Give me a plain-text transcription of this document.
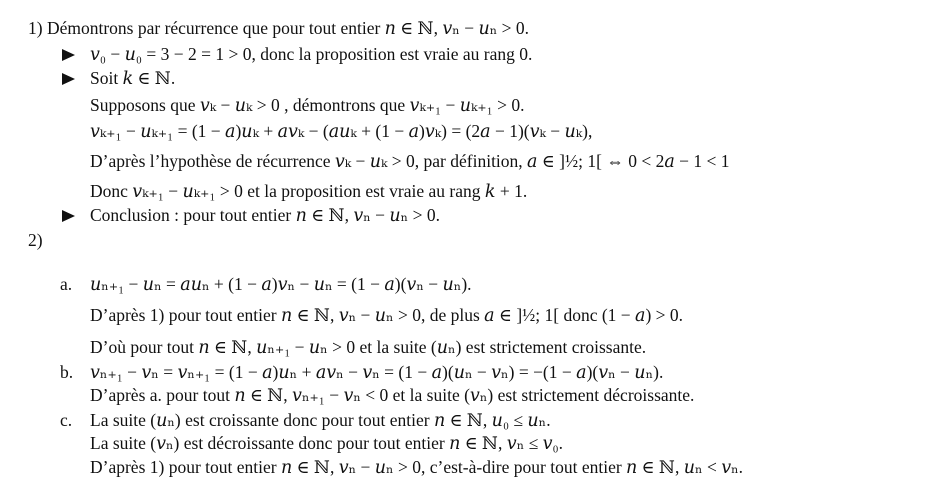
1) Démontrons par récurrence que pour tout entier 𝑛 ∈ ℕ, 𝑣ₙ − 𝑢ₙ > 0.
𝑣₀ − 𝑢₀ = 3 − 2 = 1 > 0, donc la proposition est vraie au rang 0.
Soit 𝑘 ∈ ℕ.
Supposons que 𝑣ₖ − 𝑢ₖ > 0 , démontrons que 𝑣ₖ₊₁ − 𝑢ₖ₊₁ > 0.
𝑣ₖ₊₁ − 𝑢ₖ₊₁ = (1 − 𝑎)𝑢ₖ + 𝑎𝑣ₖ − (𝑎𝑢ₖ + (1 − 𝑎)𝑣ₖ) = (2𝑎 − 1)(𝑣ₖ − 𝑢ₖ),
D’après l’hypothèse de récurrence 𝑣ₖ − 𝑢ₖ > 0, par définition, 𝑎 ∈ ]½; 1[ ⇔ 0 < 2𝑎 − 1 < 1
Donc 𝑣ₖ₊₁ − 𝑢ₖ₊₁ > 0 et la proposition est vraie au rang 𝑘 + 1.
Conclusion : pour tout entier 𝑛 ∈ ℕ, 𝑣ₙ − 𝑢ₙ > 0.
2)
a. 𝑢ₙ₊₁ − 𝑢ₙ = 𝑎𝑢ₙ + (1 − 𝑎)𝑣ₙ − 𝑢ₙ = (1 − 𝑎)(𝑣ₙ − 𝑢ₙ).
D’après 1) pour tout entier 𝑛 ∈ ℕ, 𝑣ₙ − 𝑢ₙ > 0, de plus 𝑎 ∈ ]½; 1[ donc (1 − 𝑎) > 0.
D’où pour tout 𝑛 ∈ ℕ, 𝑢ₙ₊₁ − 𝑢ₙ > 0 et la suite (𝑢ₙ) est strictement croissante.
b. 𝑣ₙ₊₁ − 𝑣ₙ = 𝑣ₙ₊₁ = (1 − 𝑎)𝑢ₙ + 𝑎𝑣ₙ − 𝑣ₙ = (1 − 𝑎)(𝑢ₙ − 𝑣ₙ) = −(1 − 𝑎)(𝑣ₙ − 𝑢ₙ).
D’après a. pour tout 𝑛 ∈ ℕ, 𝑣ₙ₊₁ − 𝑣ₙ < 0 et la suite (𝑣ₙ) est strictement décroissante.
c. La suite (𝑢ₙ) est croissante donc pour tout entier 𝑛 ∈ ℕ, 𝑢₀ ≤ 𝑢ₙ.
La suite (𝑣ₙ) est décroissante donc pour tout entier 𝑛 ∈ ℕ, 𝑣ₙ ≤ 𝑣₀.
D’après 1) pour tout entier 𝑛 ∈ ℕ, 𝑣ₙ − 𝑢ₙ > 0, c’est-à-dire pour tout entier 𝑛 ∈ ℕ, 𝑢ₙ < 𝑣ₙ.
